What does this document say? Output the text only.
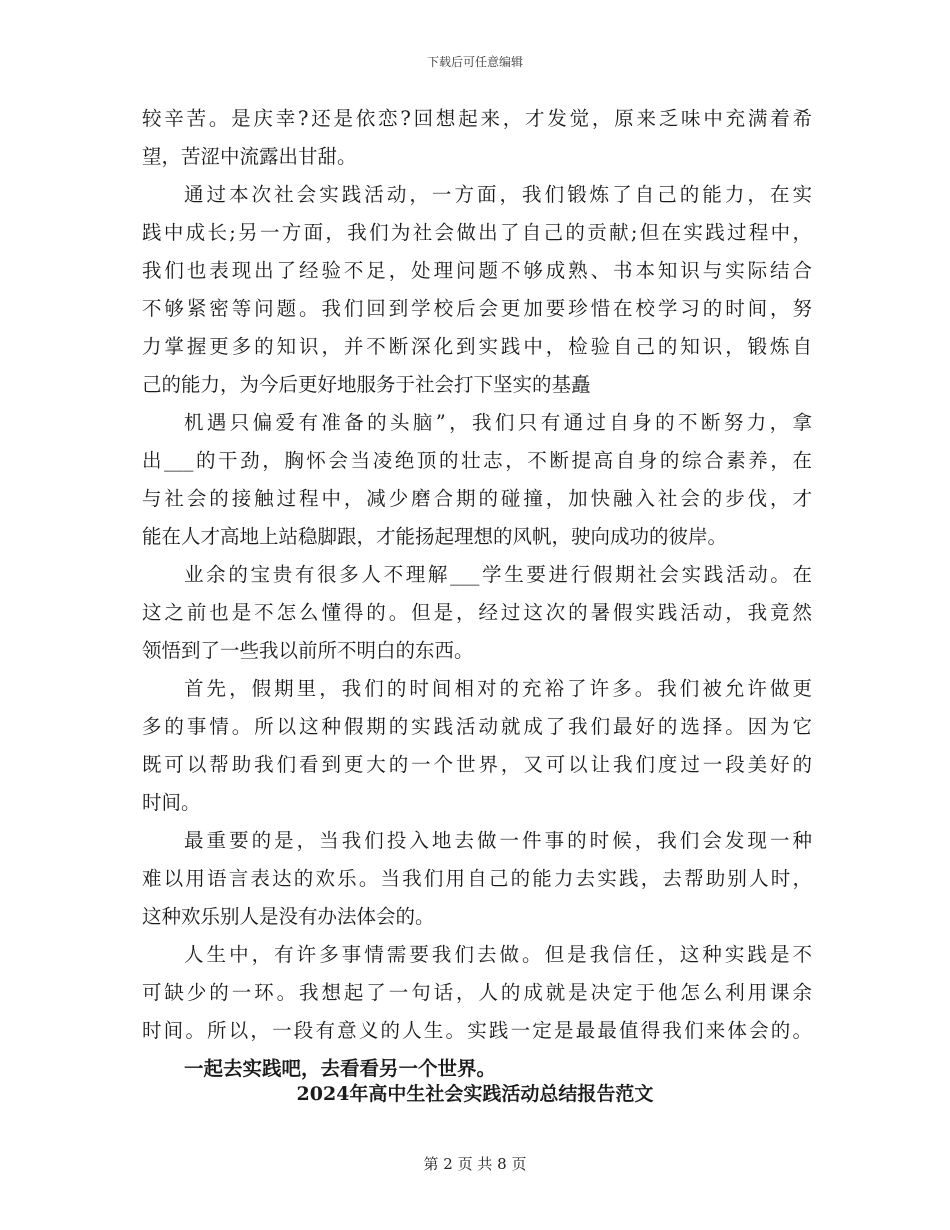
下载后可任意编辑
较辛苦。是庆幸?还是依恋?回想起来，才发觉，原来乏味中充满着希
望，苦涩中流露出甘甜。
通过本次社会实践活动，一方面，我们锻炼了自己的能力，在实
践中成长;另一方面，我们为社会做出了自己的贡献;但在实践过程中，
我们也表现出了经验不足，处理问题不够成熟、书本知识与实际结合
不够紧密等问题。我们回到学校后会更加要珍惜在校学习的时间，努
力掌握更多的知识，并不断深化到实践中，检验自己的知识，锻炼自
己的能力，为今后更好地服务于社会打下坚实的基矗
机遇只偏爱有准备的头脑”，我们只有通过自身的不断努力，拿
出___的干劲，胸怀会当凌绝顶的壮志，不断提高自身的综合素养，在
与社会的接触过程中，减少磨合期的碰撞，加快融入社会的步伐，才
能在人才高地上站稳脚跟，才能扬起理想的风帆，驶向成功的彼岸。
业余的宝贵有很多人不理解___学生要进行假期社会实践活动。在
这之前也是不怎么懂得的。但是，经过这次的暑假实践活动，我竟然
领悟到了一些我以前所不明白的东西。
首先，假期里，我们的时间相对的充裕了许多。我们被允许做更
多的事情。所以这种假期的实践活动就成了我们最好的选择。因为它
既可以帮助我们看到更大的一个世界，又可以让我们度过一段美好的
时间。
最重要的是，当我们投入地去做一件事的时候，我们会发现一种
难以用语言表达的欢乐。当我们用自己的能力去实践，去帮助别人时，
这种欢乐别人是没有办法体会的。
人生中，有许多事情需要我们去做。但是我信任，这种实践是不
可缺少的一环。我想起了一句话，人的成就是决定于他怎么利用课余
时间。所以，一段有意义的人生。实践一定是最最值得我们来体会的。
一起去实践吧，去看看另一个世界。
2024年高中生社会实践活动总结报告范文
第 2 页 共 8 页
